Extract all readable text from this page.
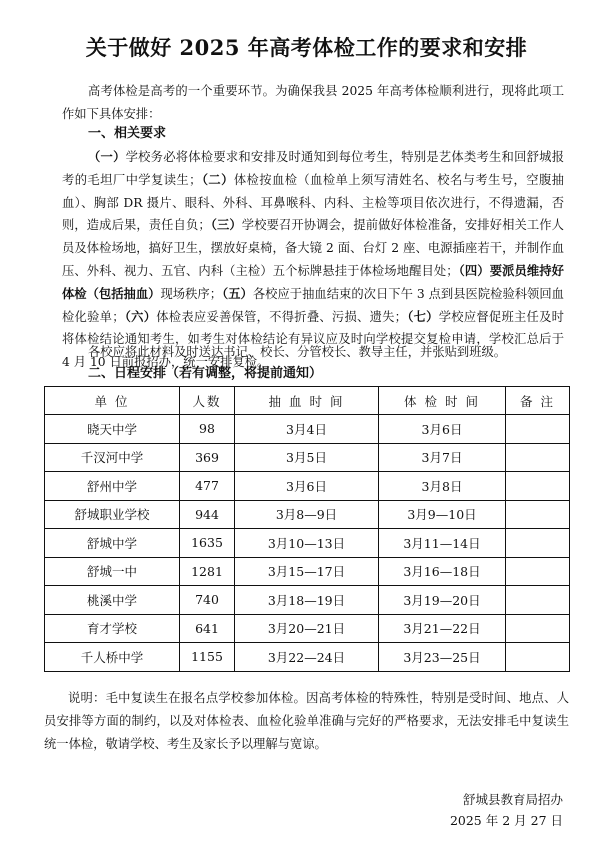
关于做好 2025 年高考体检工作的要求和安排
高考体检是高考的一个重要环节。为确保我县 2025 年高考体检顺利进行，现将此项工作如下具体安排：
一、相关要求
（一）学校务必将体检要求和安排及时通知到每位考生，特别是艺体类考生和回舒城报考的毛坦厂中学复读生；（二）体检按血检（血检单上须写清姓名、校名与考生号，空腹抽血）、胸部 DR 摄片、眼科、外科、耳鼻喉科、内科、主检等项目依次进行，不得遗漏，否则，造成后果，责任自负；（三）学校要召开协调会，提前做好体检准备，安排好相关工作人员及体检场地，搞好卫生，摆放好桌椅，备大镜 2 面、台灯 2 座、电源插座若干，并制作血压、外科、视力、五官、内科（主检）五个标牌悬挂于体检场地醒目处；（四）要派员维持好体检（包括抽血）现场秩序；（五）各校应于抽血结束的次日下午 3 点到县医院检验科领回血检化验单；（六）体检表应妥善保管，不得折叠、污损、遗失；（七）学校应督促班主任及时将体检结论通知考生，如考生对体检结论有异议应及时向学校提交复检申请，学校汇总后于 4 月 10 日前报招办，统一安排复检。
各校应将此材料及时送达书记、校长、分管校长、教导主任，并张贴到班级。
二、日程安排（若有调整，将提前通知）
单 位	人数	抽 血 时 间	体 检 时 间	备 注
晓天中学	98	3月4日	3月6日	
千汊河中学	369	3月5日	3月7日	
舒州中学	477	3月6日	3月8日	
舒城职业学校	944	3月8—9日	3月9—10日	
舒城中学	1635	3月10—13日	3月11—14日	
舒城一中	1281	3月15—17日	3月16—18日	
桃溪中学	740	3月18—19日	3月19—20日	
育才学校	641	3月20—21日	3月21—22日	
千人桥中学	1155	3月22—24日	3月23—25日	
说明：毛中复读生在报名点学校参加体检。因高考体检的特殊性，特别是受时间、地点、人员安排等方面的制约，以及对体检表、血检化验单准确与完好的严格要求，无法安排毛中复读生统一体检，敬请学校、考生及家长予以理解与宽谅。
舒城县教育局招办
2025 年 2 月 27 日
